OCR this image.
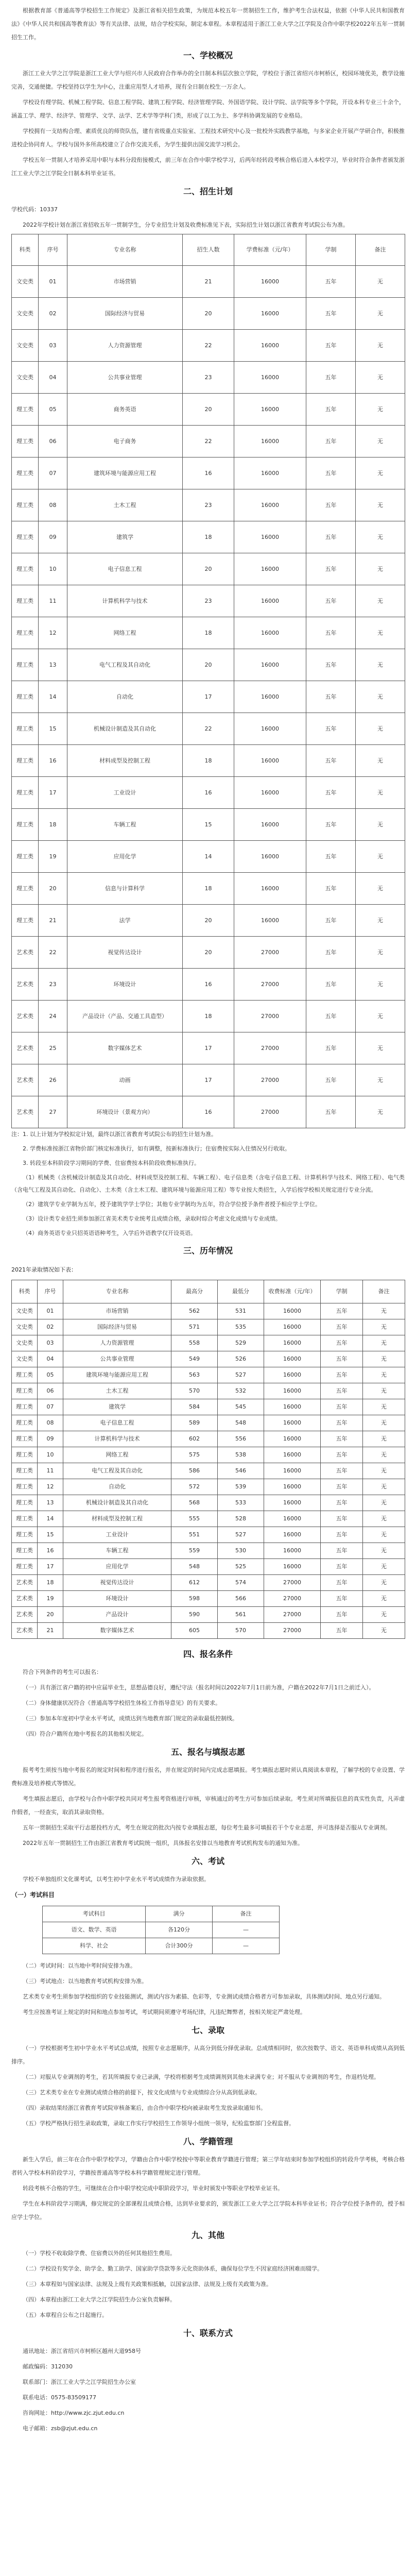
根据教育部《普通高等学校招生工作规定》及浙江省相关招生政策，为规范本校五年一贯制招生工作，维护考生合法权益，依据《中华人民共和国教育法》《中华人民共和国高等教育法》等有关法律、法规，结合学校实际，制定本章程。本章程适用于浙江工业大学之江学院及合作中职学校2022年五年一贯制招生工作。

一、学校概况

浙江工业大学之江学院是浙江工业大学与绍兴市人民政府合作举办的全日制本科层次独立学院，学校位于浙江省绍兴市柯桥区，校园环境优美，教学设施完善，交通便捷。学校坚持以学生为中心，注重应用型人才培养，现有全日制在校生一万余人。

学校设有理学院、机械工程学院、信息工程学院、建筑工程学院、经济管理学院、外国语学院、设计学院、法学院等多个学院，开设本科专业三十余个，涵盖工学、理学、经济学、管理学、文学、法学、艺术学等学科门类，形成了以工为主、多学科协调发展的专业格局。

学校拥有一支结构合理、素质优良的师资队伍，建有省级重点实验室、工程技术研究中心及一批校外实践教学基地，与多家企业开展产学研合作，积极推进校企协同育人。学校与国外多所高校建立了合作交流关系，为学生提供出国交流学习机会。

学校五年一贯制人才培养采用中职与本科分段衔接模式，前三年在合作中职学校学习，后两年经转段考核合格后进入本校学习，毕业时符合条件者颁发浙江工业大学之江学院全日制本科毕业证书。

二、招生计划

学校代码：10337

2022年学校计划在浙江省招收五年一贯制学生，分专业招生计划及收费标准见下表，实际招生计划以浙江省教育考试院公布为准。

科类	序号	专业名称	招生人数	学费标准（元/年）	学制	备注
文史类	01	市场营销	21	16000	五年	无
文史类	02	国际经济与贸易	20	16000	五年	无
文史类	03	人力资源管理	22	16000	五年	无
文史类	04	公共事业管理	23	16000	五年	无
理工类	05	商务英语	20	16000	五年	无
理工类	06	电子商务	22	16000	五年	无
理工类	07	建筑环境与能源应用工程	16	16000	五年	无
理工类	08	土木工程	23	16000	五年	无
理工类	09	建筑学	18	16000	五年	无
理工类	10	电子信息工程	20	16000	五年	无
理工类	11	计算机科学与技术	23	16000	五年	无
理工类	12	网络工程	18	16000	五年	无
理工类	13	电气工程及其自动化	20	16000	五年	无
理工类	14	自动化	17	16000	五年	无
理工类	15	机械设计制造及其自动化	22	16000	五年	无
理工类	16	材料成型及控制工程	18	16000	五年	无
理工类	17	工业设计	16	16000	五年	无
理工类	18	车辆工程	15	16000	五年	无
理工类	19	应用化学	14	16000	五年	无
理工类	20	信息与计算科学	18	16000	五年	无
理工类	21	法学	20	16000	五年	无
艺术类	22	视觉传达设计	20	27000	五年	无
艺术类	23	环境设计	16	27000	五年	无
艺术类	24	产品设计（产品、交通工具造型）	18	27000	五年	无
艺术类	25	数字媒体艺术	17	27000	五年	无
艺术类	26	动画	17	27000	五年	无
艺术类	27	环境设计（景观方向）	16	27000	五年	无

注：1. 以上计划为学校拟定计划，最终以浙江省教育考试院公布的招生计划为准。

2. 学费标准按浙江省物价部门核定标准执行，如有调整，按新标准执行；住宿费按实际入住情况另行收取。

3. 转段至本科阶段学习期间的学费、住宿费按本科阶段收费标准执行。

（1）机械类（含机械设计制造及其自动化、材料成型及控制工程、车辆工程）、电子信息类（含电子信息工程、计算机科学与技术、网络工程）、电气类（含电气工程及其自动化、自动化）、土木类（含土木工程、建筑环境与能源应用工程）等专业按大类招生，入学后按学校相关规定进行专业分流。

（2）建筑学专业学制为五年，授予建筑学学士学位；其他专业学制均为五年，符合学位授予条件者授予相应学士学位。

（3）设计类专业招生须参加浙江省美术类专业统考且成绩合格，录取时综合考虑文化成绩与专业成绩。

（4）商务英语专业只招英语语种考生，入学后外语教学仅开设英语。

三、历年情况

2021年录取情况如下表：

科类	序号	专业名称	最高分	最低分	收费标准（元/年）	学制	备注
文史类	01	市场营销	562	531	16000	五年	无
文史类	02	国际经济与贸易	571	535	16000	五年	无
文史类	03	人力资源管理	558	529	16000	五年	无
文史类	04	公共事业管理	549	526	16000	五年	无
理工类	05	建筑环境与能源应用工程	563	527	16000	五年	无
理工类	06	土木工程	570	532	16000	五年	无
理工类	07	建筑学	584	545	16000	五年	无
理工类	08	电子信息工程	589	548	16000	五年	无
理工类	09	计算机科学与技术	602	556	16000	五年	无
理工类	10	网络工程	575	538	16000	五年	无
理工类	11	电气工程及其自动化	586	546	16000	五年	无
理工类	12	自动化	572	539	16000	五年	无
理工类	13	机械设计制造及其自动化	568	533	16000	五年	无
理工类	14	材料成型及控制工程	555	528	16000	五年	无
理工类	15	工业设计	551	527	16000	五年	无
理工类	16	车辆工程	559	530	16000	五年	无
理工类	17	应用化学	548	525	16000	五年	无
艺术类	18	视觉传达设计	612	574	27000	五年	无
艺术类	19	环境设计	598	566	27000	五年	无
艺术类	20	产品设计	590	561	27000	五年	无
艺术类	21	数字媒体艺术	605	570	27000	五年	无
四、报名条件

符合下列条件的考生可以报名：

（一）具有浙江省户籍的初中应届毕业生，思想品德良好，遵纪守法（报名时间以2022年7月1日前为准，户籍在2022年7月1日之前迁入）。

（二）身体健康状况符合《普通高等学校招生体检工作指导意见》的有关要求。

（三）参加本年度初中学业水平考试，成绩达到当地教育部门规定的录取最低控制线。

（四）符合户籍所在地中考报名的其他相关规定。

五、报名与填报志愿

报考考生须按当地中考报名的规定时间和程序进行报名，并在规定的时间内完成志愿填报。考生填报志愿时须认真阅读本章程，了解学校的专业设置、学费标准及培养模式等情况。

考生填报志愿后，由学校与合作中职学校共同对考生报考资格进行审核，审核通过的考生方可参加后续录取。考生须对所填报信息的真实性负责，凡弄虚作假者，一经查实，取消其录取资格。

五年一贯制招生采取平行志愿投档方式，考生在规定的批次内按专业填报志愿，每位考生最多可填报若干个专业志愿，并可选择是否服从专业调剂。

2022年五年一贯制招生工作由浙江省教育考试院统一组织，具体报名安排以当地教育考试机构发布的通知为准。

六、考试

学校不单独组织文化课考试，以考生初中学业水平考试成绩作为录取依据。

（一）考试科目
考试科目	满分	备注
语文、数学、英语	各120分	—
科学、社会	合计300分	—

（二）考试时间：以当地中考时间安排为准。

（三）考试地点：以当地教育考试机构安排为准。

艺术类专业考生须参加学校组织的专业技能测试，测试内容为素描、色彩等，专业测试成绩合格者方可参加录取，具体测试时间、地点另行通知。

考生应按准考证上规定的时间和地点参加考试，考试期间须遵守考场纪律，凡违纪舞弊者，按相关规定严肃处理。

七、录取

（一）学校根据考生初中学业水平考试总成绩，按照专业志愿顺序，从高分到低分择优录取。总成绩相同时，依次按数学、语文、英语单科成绩从高到低排序。

（二）对服从专业调剂的考生，若其所填报专业已录满，学校将根据考生成绩调剂到其他未录满专业；对不服从专业调剂的考生，作退档处理。

（三）艺术类专业在专业测试成绩合格的前提下，按文化成绩与专业成绩综合分从高到低录取。

（四）录取结果经浙江省教育考试院审核备案后，由合作中职学校向被录取考生发放录取通知书。

（五）学校严格执行招生录取政策，录取工作实行学校招生工作领导小组统一领导，纪检监察部门全程监督。

八、学籍管理

新生入学后，前三年在合作中职学校学习，学籍由合作中职学校按中等职业教育学籍进行管理；第三学年结束时参加学校组织的转段升学考核，考核合格者转入学校本科阶段学习，学籍按普通高等学校本科学籍管理规定进行管理。

转段考核不合格的学生，可继续在合作中职学校完成中职阶段学习，毕业时颁发中等职业学校毕业证书。

学生在本科阶段学习期满，修完规定的全部课程且成绩合格，达到毕业要求的，颁发浙江工业大学之江学院本科毕业证书；符合学位授予条件的，授予相应学士学位。

九、其他

（一）学校不收取除学费、住宿费以外的任何其他招生费用。

（二）学校设有奖学金、助学金、勤工助学、国家助学贷款等多元化资助体系，确保每位学生不因家庭经济困难而辍学。

（三）本章程如与国家法律、法规及上级有关政策相抵触，以国家法律、法规及上级有关政策为准。

（四）本章程由浙江工业大学之江学院招生办公室负责解释。

（五）本章程自公布之日起施行。

十、联系方式

通讯地址：浙江省绍兴市柯桥区越州大道958号

邮政编码：312030

联系部门：浙江工业大学之江学院招生办公室

联系电话：0575-83509177

咨询网址：http://www.zjc.zjut.edu.cn

电子邮箱：zsb@zjut.edu.cn
